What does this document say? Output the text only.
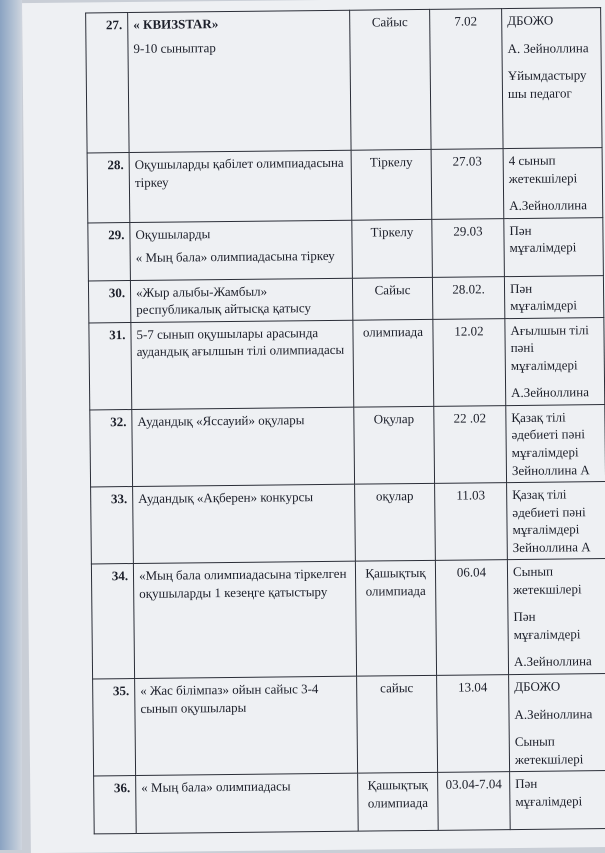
27.	« КВИЗSTAR»
9-10 сыныптар	Сайыс	7.02	ДБОЖО
А. Зейноллина
Ұйымдастыру шы педагог

28.	Оқушыларды қабілет олимпиадасына тіркеу	Тіркелу	27.03	4 сынып жетекшілері
А.Зейноллина

29.	Оқушыларды
« Мың бала» олимпиадасына тіркеу	Тіркелу	29.03	Пән мұғалімдері

30.	«Жыр алыбы-Жамбыл» республикалық айтысқа қатысу	Сайыс	28.02.	Пән мұғалімдері

31.	5-7 сынып оқушылары арасында аудандық ағылшын тілі олимпиадасы	олимпиада	12.02	Ағылшын тілі пәні мұғалімдері
А.Зейноллина

32.	Аудандық «Яссауий» оқулары	Оқулар	22 .02	Қазақ тілі әдебиеті пәні мұғалімдері Зейноллина А

33.	Аудандық «Ақберен» конкурсы	оқулар	11.03	Қазақ тілі әдебиеті пәні мұғалімдері Зейноллина А

34.	«Мың бала олимпиадасына тіркелген оқушыларды 1 кезеңге қатыстыру	Қашықтық олимпиада	06.04	Сынып жетекшілері
Пән мұғалімдері
А.Зейноллина

35.	« Жас білімпаз» ойын сайыс 3-4 сынып оқушылары	сайыс	13.04	ДБОЖО
А.Зейноллина
Сынып жетекшілері

36.	« Мың бала» олимпиадасы	Қашықтық олимпиада	03.04-7.04	Пән мұғалімдері
